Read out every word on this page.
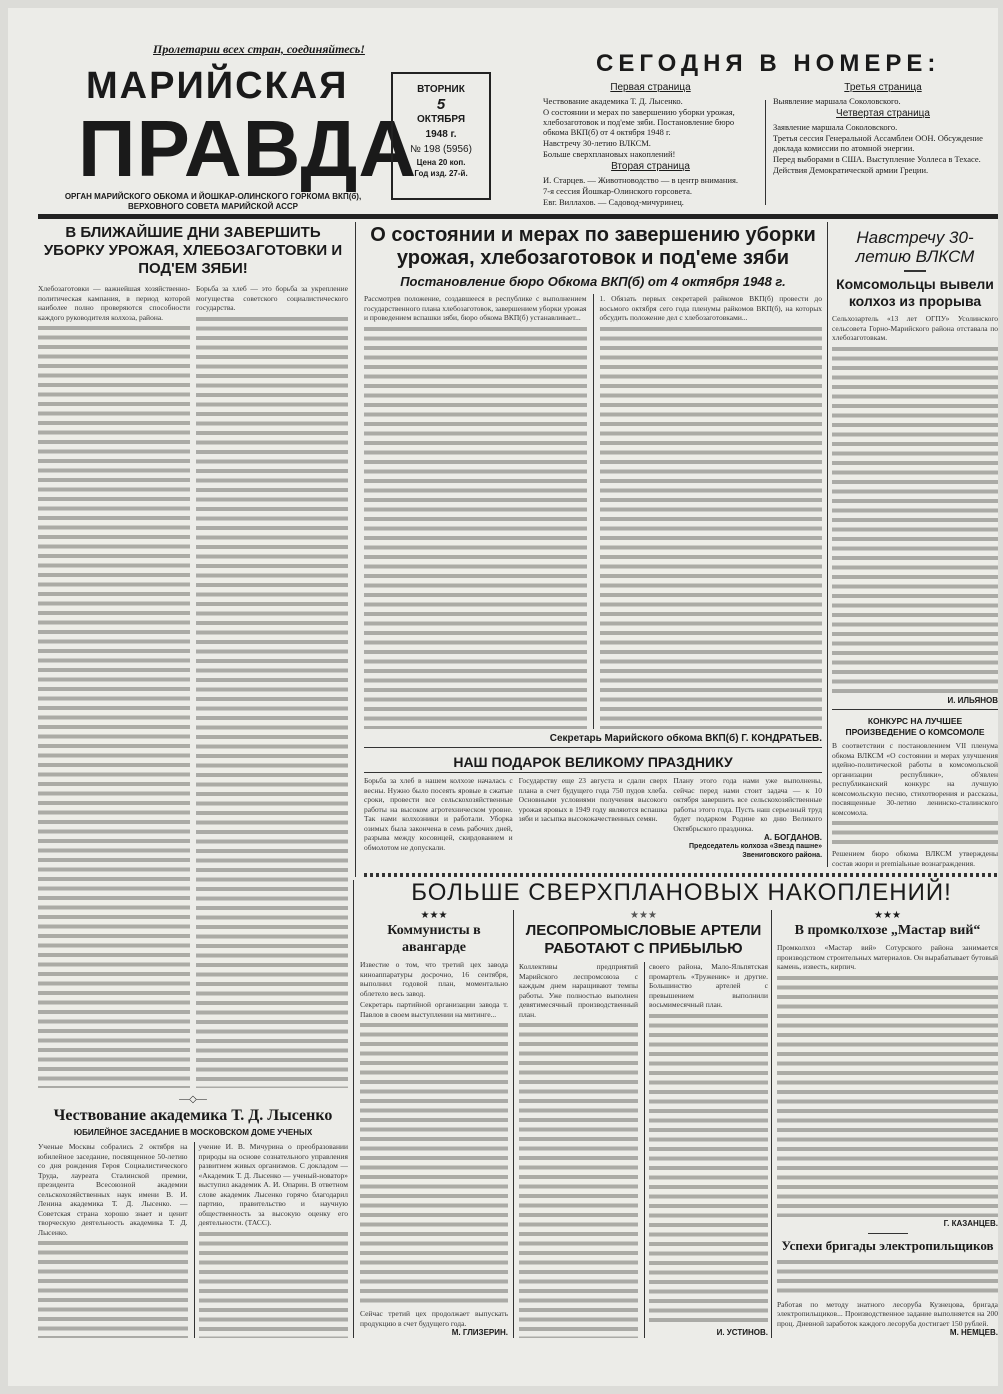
Пролетарии всех стран, соединяйтесь!
МАРИЙСКАЯ
ПРАВДА
ОРГАН МАРИЙСКОГО ОБКОМА И ЙОШКАР-ОЛИНСКОГО ГОРКОМА ВКП(б), ВЕРХОВНОГО СОВЕТА МАРИЙСКОЙ АССР
ВТОРНИК
5
ОКТЯБРЯ
1948 г.
№ 198 (5956)
Цена 20 коп.
Год изд. 27-й.
СЕГОДНЯ В НОМЕРЕ:
Первая страница

Чествование академика Т. Д. Лысенко.

О состоянии и мерах по завершению уборки урожая, хлебозаготовок и под'еме зяби. Постановление бюро обкома ВКП(б) от 4 октября 1948 г.

Навстречу 30-летию ВЛКСМ.

Больше сверхплановых накоплений!

Вторая страница

И. Старцев. — Животноводство — в центр внимания.

7-я сессия Йошкар-Олинского горсовета.

Евг. Виллахов. — Садовод-мичуринец.

Третья страница

Выявление маршала Соколовского.

Четвертая страница

Заявление маршала Соколовского.

Третья сессия Генеральной Ассамблеи ООН. Обсуждение доклада комиссии по атомной энергии.

Перед выборами в США. Выступление Уоллеса в Техасе.

Действия Демократической армии Греции.

В БЛИЖАЙШИЕ ДНИ ЗАВЕРШИТЬ УБОРКУ УРОЖАЯ, ХЛЕБОЗАГОТОВКИ И ПОД'ЕМ ЗЯБИ!
Хлебозаготовки — важнейшая хозяйственно-политическая кампания, в период которой наиболее полно проверяются способности каждого руководителя колхоза, района.
Борьба за хлеб — это борьба за укрепление могущества советского социалистического государства.
О состоянии и мерах по завершению уборки урожая, хлебозаготовок и под'еме зяби
Постановление бюро Обкома ВКП(б) от 4 октября 1948 г.
Рассмотрев положение, создавшееся в республике с выполнением государственного плана хлебозаготовок, завершением уборки урожая и проведением вспашки зяби, бюро обкома ВКП(б) устанавливает...
1. Обязать первых секретарей райкомов ВКП(б) провести до восьмого октября сего года пленумы райкомов ВКП(б), на которых обсудить положение дел с хлебозаготовками...
Секретарь Марийского обкома ВКП(б) Г. КОНДРАТЬЕВ.
Навстречу 30-летию ВЛКСМ
Комсомольцы вывели колхоз из прорыва
Сельхозартель «13 лет ОГПУ» Усолинского сельсовета Горно-Марийского района отставала по хлебозаготовкам.
И. ИЛЬЯНОВ
КОНКУРС НА ЛУЧШЕЕ ПРОИЗВЕДЕНИЕ О КОМСОМОЛЕ
В соответствии с постановлением VII пленума обкома ВЛКСМ «О состоянии и мерах улучшения идейно-политической работы в комсомольской организации республики», об'явлен республиканский конкурс на лучшую комсомольскую песню, стихотворения и рассказы, посвященные 30-летию ленинско-сталинского комсомола.
Решением бюро обкома ВЛКСМ утверждены состав жюри и premialьные вознаграждения.
НАШ ПОДАРОК ВЕЛИКОМУ ПРАЗДНИКУ
Борьба за хлеб в нашем колхозе началась с весны. Нужно было посеять яровые в сжатые сроки, провести все сельскохозяйственные работы на высоком агротехническом уровне. Так нами колхозники и работали. Уборка озимых была закончена в семь рабочих дней, разрыва между косовицей, скирдованием и обмолотом не допускали.
Государству еще 23 августа и сдали сверх плана в счет будущего года 750 пудов хлеба. Основными условиями получения высокого урожая яровых в 1949 году являются вспашка зяби и засыпка высококачественных семян.
Плану этого года нами уже выполнены, сейчас перед нами стоит задача — к 10 октября завершить все сельскохозяйственные работы этого года. Пусть наш серьезный труд будет подарком Родине ко дню Великого Октябрьского праздника.
А. БОГДАНОВ.
Председатель колхоза «Звезд пашне» Звениговского района.
БОЛЬШЕ СВЕРХПЛАНОВЫХ НАКОПЛЕНИЙ!
★★★
Коммунисты в авангарде
Известие о том, что третий цех завода киноаппаратуры досрочно, 16 сентября, выполнил годовой план, моментально облетело весь завод.
Секретарь партийной организации завода т. Павлов в своем выступлении на митинге...
Сейчас третий цех продолжает выпускать продукцию в счет будущего года.
М. ГЛИЗЕРИН.
★★★
ЛЕСОПРОМЫСЛОВЫЕ АРТЕЛИ РАБОТАЮТ С ПРИБЫЛЬЮ
Коллективы предприятий Марийского леспромсоюза с каждым днем наращивают темпы работы. Уже полностью выполнен девятимесячный производственный план.
своего района, Мало-Яльпятская промартель «Труженик» и другие. Большинство артелей с превышением выполнили восьмимесячный план.
И. УСТИНОВ.
★★★
В промколхозе „Мастар вий“
Промколхоз «Мастар вий» Сотурского района занимается производством строительных материалов. Он вырабатывает бутовый камень, известь, кирпич.
Г. КАЗАНЦЕВ.
Успехи бригады электропильщиков
Работая по методу знатного лесоруба Кузнецова, бригада электропильщиков... Производственное задание выполняется на 200 проц. Дневной заработок каждого лесоруба достигает 150 рублей.
М. НЕМЦЕВ.
―◇―
Чествование академика Т. Д. Лысенко
ЮБИЛЕЙНОЕ ЗАСЕДАНИЕ В МОСКОВСКОМ ДОМЕ УЧЕНЫХ
Ученые Москвы собрались 2 октября на юбилейное заседание, посвященное 50-летию со дня рождения Героя Социалистического Труда, лауреата Сталинской премии, президента Всесоюзной академии сельскохозяйственных наук имени В. И. Ленина академика Т. Д. Лысенко. — Советская страна хорошо знает и ценит творческую деятельность академика Т. Д. Лысенко.
учение И. В. Мичурина о преобразовании природы на основе сознательного управления развитием живых организмов. С докладом — «Академик Т. Д. Лысенко — ученый-новатор» выступил академик А. И. Опарин. В ответном слове академик Лысенко горячо благодарил партию, правительство и научную общественность за высокую оценку его деятельности. (ТАСС).
